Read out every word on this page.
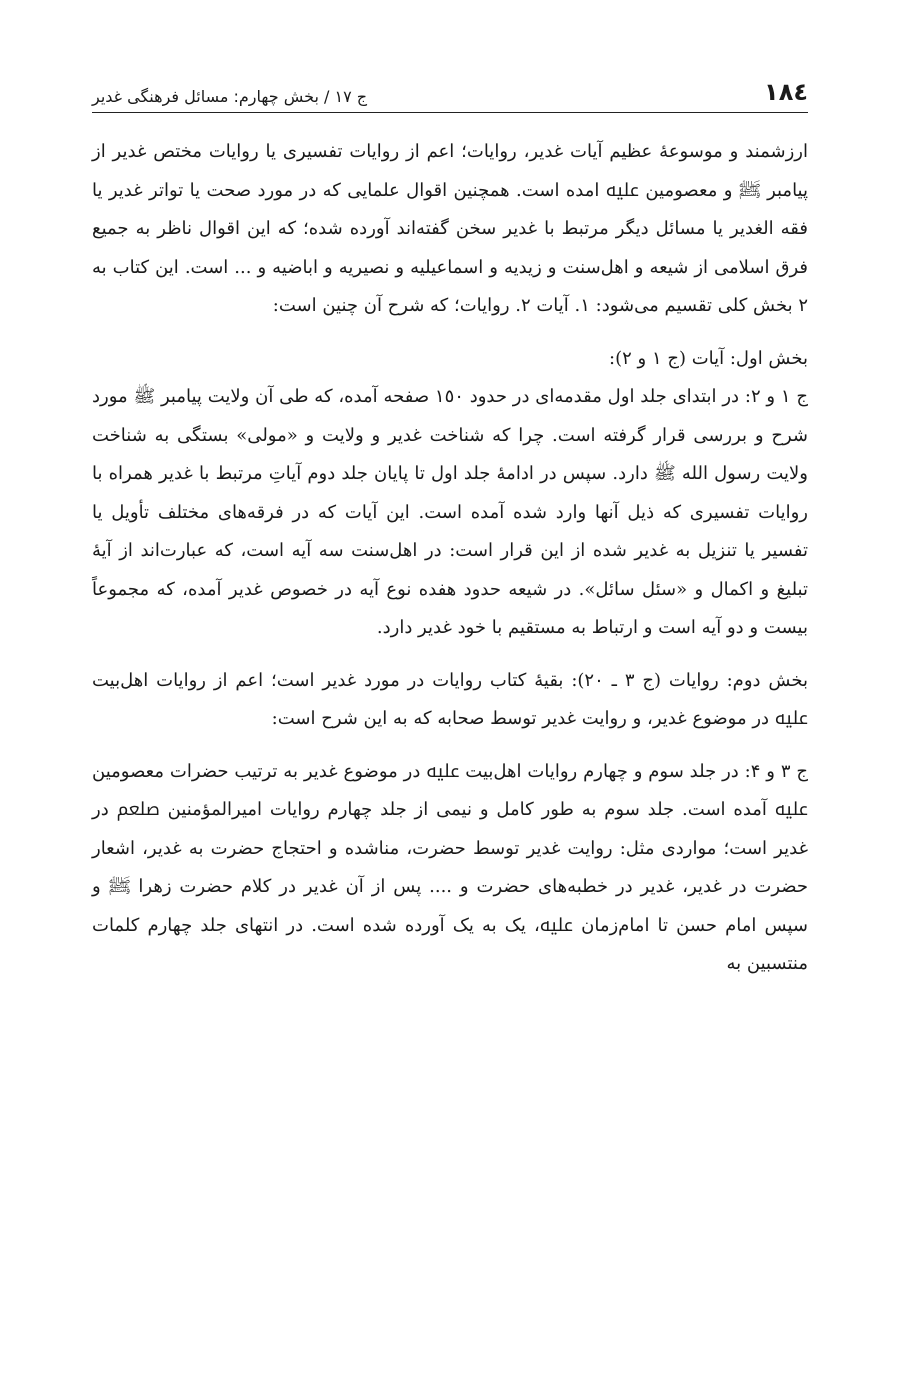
١٨٤
ج ١٧ / بخش چهارم: مسائل فرهنگی غدیر

ارزشمند و موسوعۀ عظیم آیات غدیر، روایات؛ اعم از روایات تفسیری یا روایات مختص غدیر از پیامبر ﷺ و معصومین ﷷ امده است. همچنین اقوال علمایی که در مورد صحت یا تواتر غدیر یا فقه الغدیر یا مسائل دیگر مرتبط با غدیر سخن گفته‌اند آورده شده؛ که این اقوال ناظر به جمیع فرق اسلامی از شیعه و اهل‌سنت و زیدیه و اسماعیلیه و نصیریه و اباضیه و ... است. این کتاب به ٢ بخش کلی تقسیم می‌شود: ١. آیات ٢. روایات؛ که شرح آن چنین است:

بخش اول: آیات (ج ١ و ٢):

ج ١ و ٢: در ابتدای جلد اول مقدمه‌ای در حدود ١٥٠ صفحه آمده، که طی آن ولایت پیامبر ﷺ مورد شرح و بررسی قرار گرفته است. چرا که شناخت غدیر و ولایت و «مولی» بستگی به شناخت ولایت رسول الله ﷺ دارد. سپس در ادامۀ جلد اول تا پایان جلد دوم آیاتِ مرتبط با غدیر همراه با روایات تفسیری که ذیل آنها وارد شده آمده است. این آیات که در فرقه‌های مختلف تأویل یا تفسیر یا تنزیل به غدیر شده از این قرار است: در اهل‌سنت سه آیه است، که عبارت‌اند از آیۀ تبلیغ و اکمال و «سئل سائل». در شیعه حدود هفده نوع آیه در خصوص غدیر آمده، که مجموعاً بیست و دو آیه است و ارتباط به مستقیم با خود غدیر دارد.

بخش دوم: روایات (ج ٣ ـ ٢٠): بقیۀ کتاب روایات در مورد غدیر است؛ اعم از روایات اهل‌بیت ﷷ در موضوع غدیر، و روایت غدیر توسط صحابه که به این شرح است:

ج ٣ و ۴: در جلد سوم و چهارم روایات اهل‌بیت ﷷ در موضوع غدیر به ترتیب حضرات معصومین ﷷ آمده است. جلد سوم به طور کامل و نیمی از جلد چهارم روایات امیرالمؤمنین ﷵ در غدیر است؛ مواردی مثل: روایت غدیر توسط حضرت، مناشده و احتجاج حضرت به غدیر، اشعار حضرت در غدیر، غدیر در خطبه‌های حضرت و .... پس از آن غدیر در کلام حضرت زهرا ﷺ و سپس امام حسن تا امام‌زمان ﷷ، یک به یک آورده شده است. در انتهای جلد چهارم کلمات منتسبین به
